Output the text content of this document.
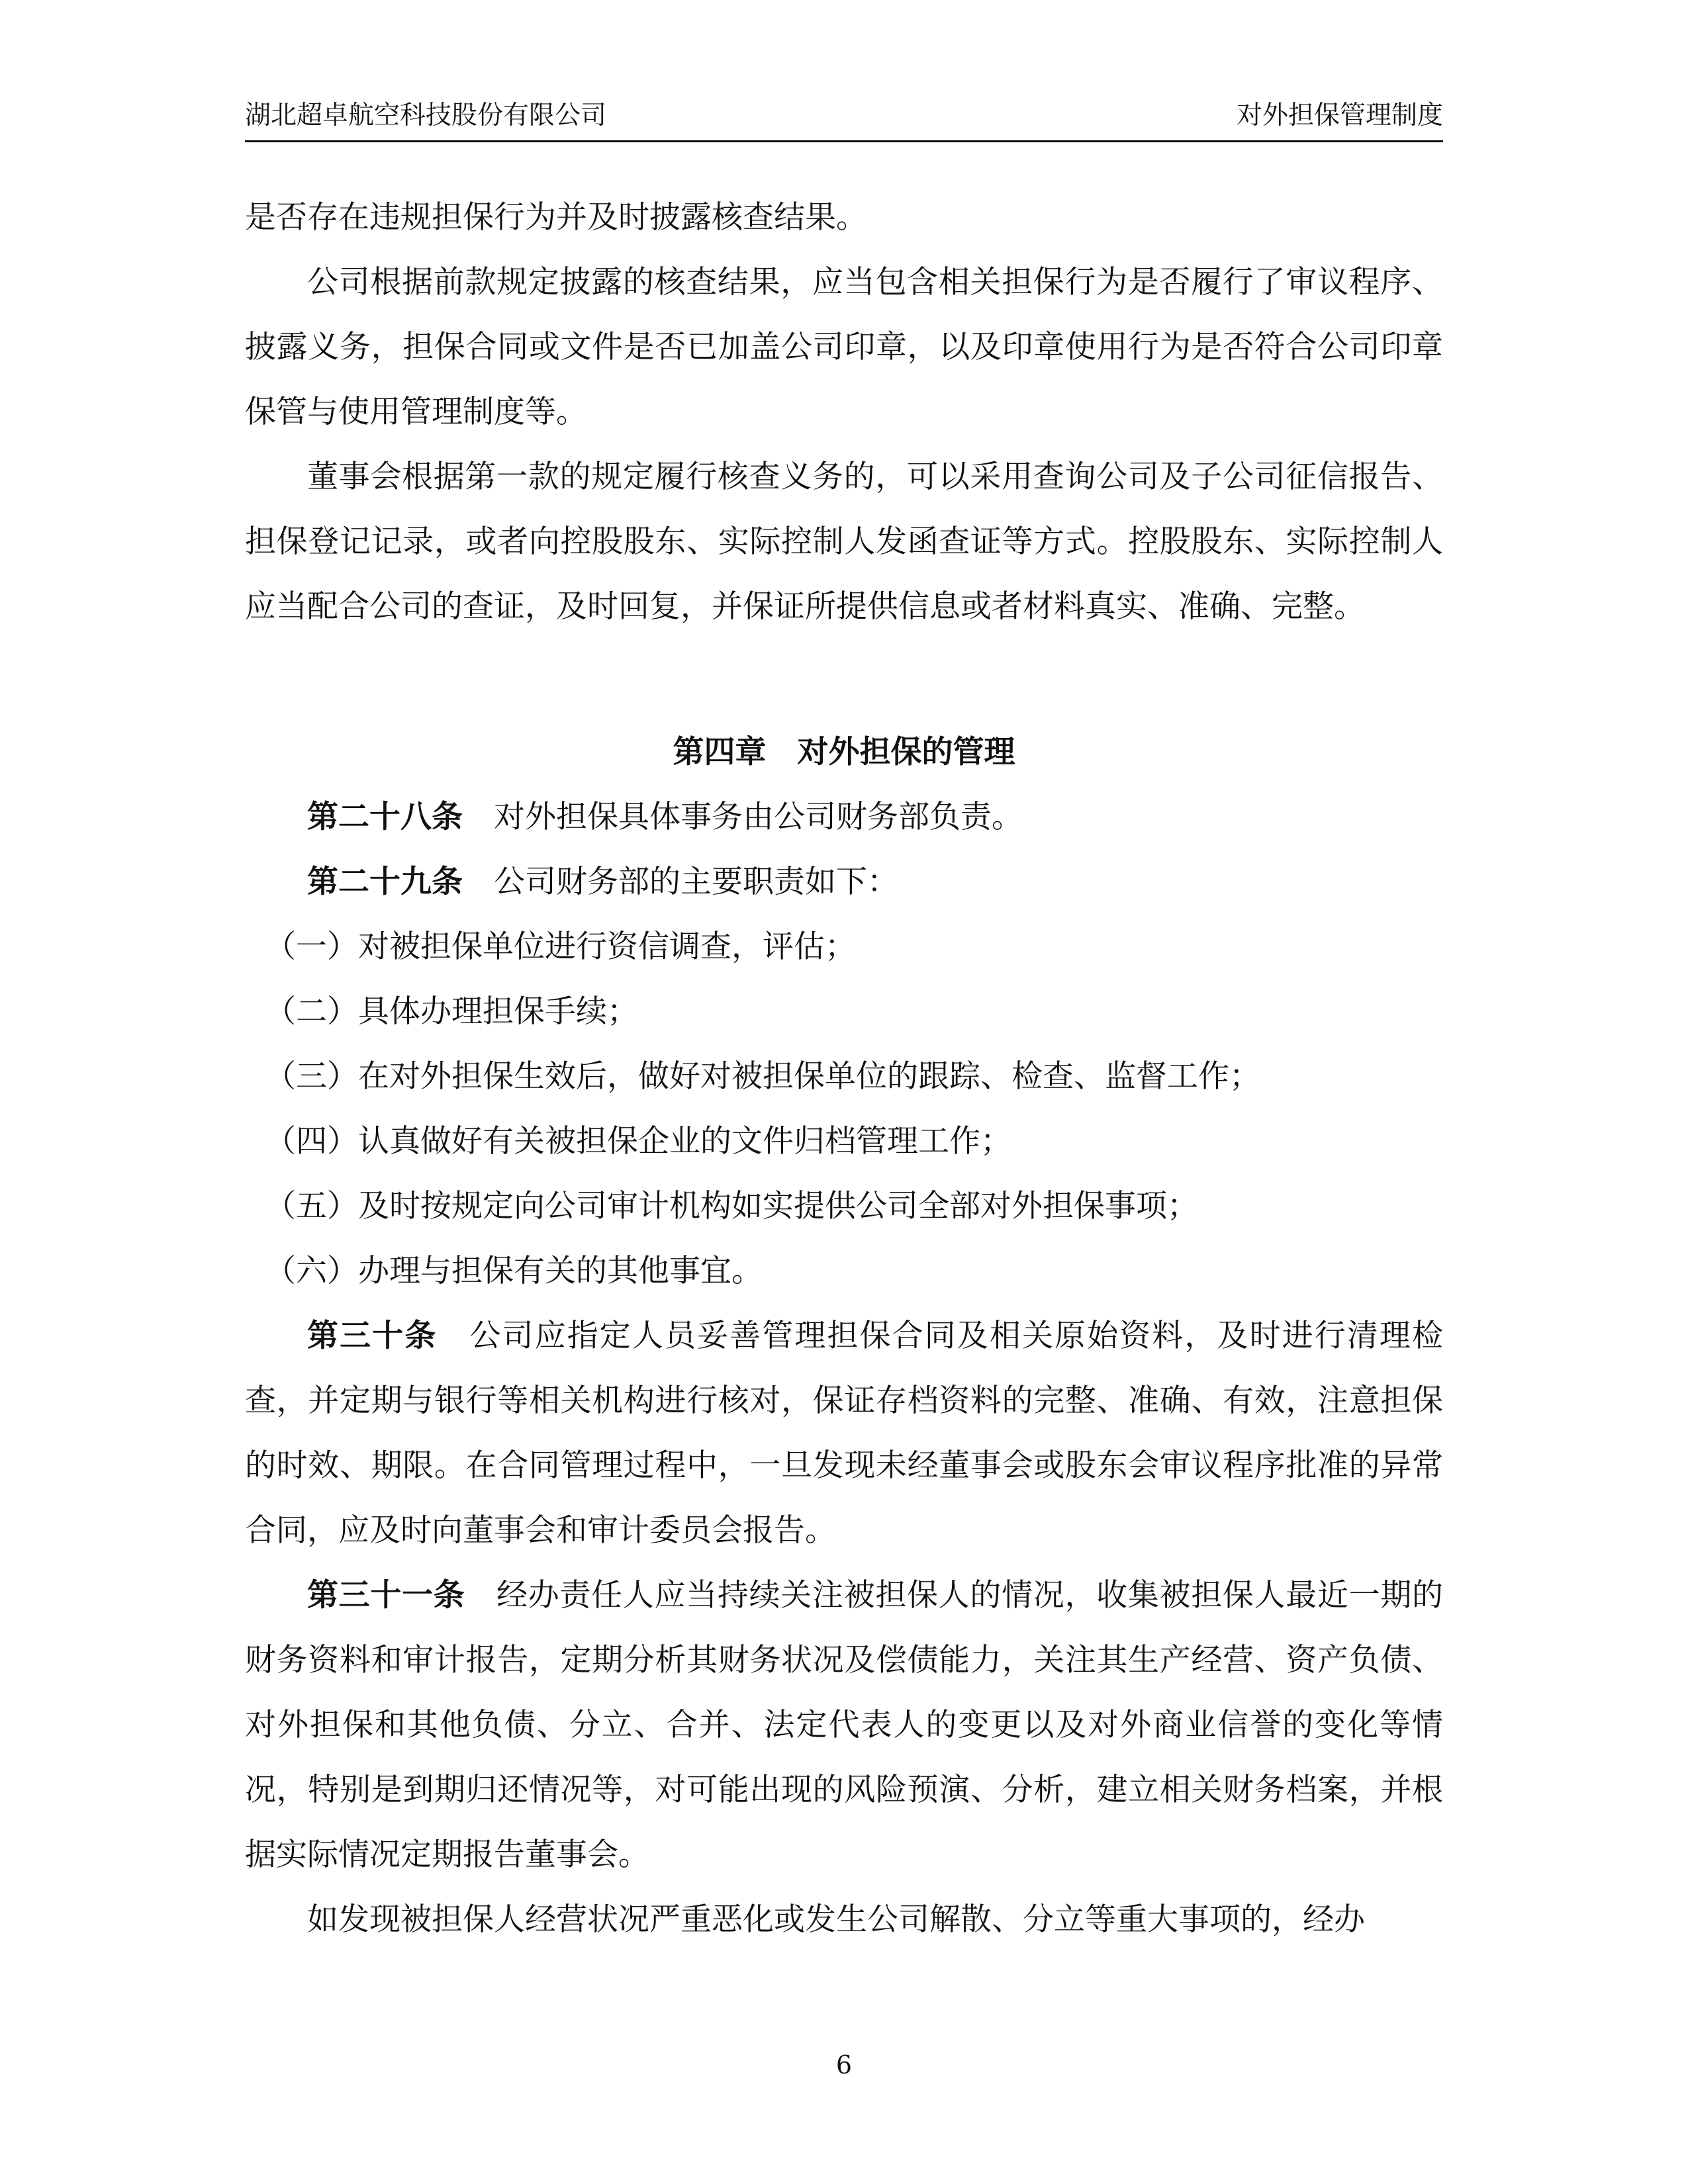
湖北超卓航空科技股份有限公司	对外担保管理制度

是否存在违规担保行为并及时披露核查结果。

公司根据前款规定披露的核查结果，应当包含相关担保行为是否履行了审议程序、披露义务，担保合同或文件是否已加盖公司印章，以及印章使用行为是否符合公司印章保管与使用管理制度等。

董事会根据第一款的规定履行核查义务的，可以采用查询公司及子公司征信报告、担保登记记录，或者向控股股东、实际控制人发函查证等方式。控股股东、实际控制人应当配合公司的查证，及时回复，并保证所提供信息或者材料真实、准确、完整。

第四章 对外担保的管理

第二十八条 对外担保具体事务由公司财务部负责。

第二十九条 公司财务部的主要职责如下：

（一）对被担保单位进行资信调查，评估；

（二）具体办理担保手续；

（三）在对外担保生效后，做好对被担保单位的跟踪、检查、监督工作；

（四）认真做好有关被担保企业的文件归档管理工作；

（五）及时按规定向公司审计机构如实提供公司全部对外担保事项；

（六）办理与担保有关的其他事宜。

第三十条 公司应指定人员妥善管理担保合同及相关原始资料，及时进行清理检查，并定期与银行等相关机构进行核对，保证存档资料的完整、准确、有效，注意担保的时效、期限。在合同管理过程中，一旦发现未经董事会或股东会审议程序批准的异常合同，应及时向董事会和审计委员会报告。

第三十一条 经办责任人应当持续关注被担保人的情况，收集被担保人最近一期的财务资料和审计报告，定期分析其财务状况及偿债能力，关注其生产经营、资产负债、对外担保和其他负债、分立、合并、法定代表人的变更以及对外商业信誉的变化等情况，特别是到期归还情况等，对可能出现的风险预演、分析，建立相关财务档案，并根据实际情况定期报告董事会。

如发现被担保人经营状况严重恶化或发生公司解散、分立等重大事项的，经办

6
